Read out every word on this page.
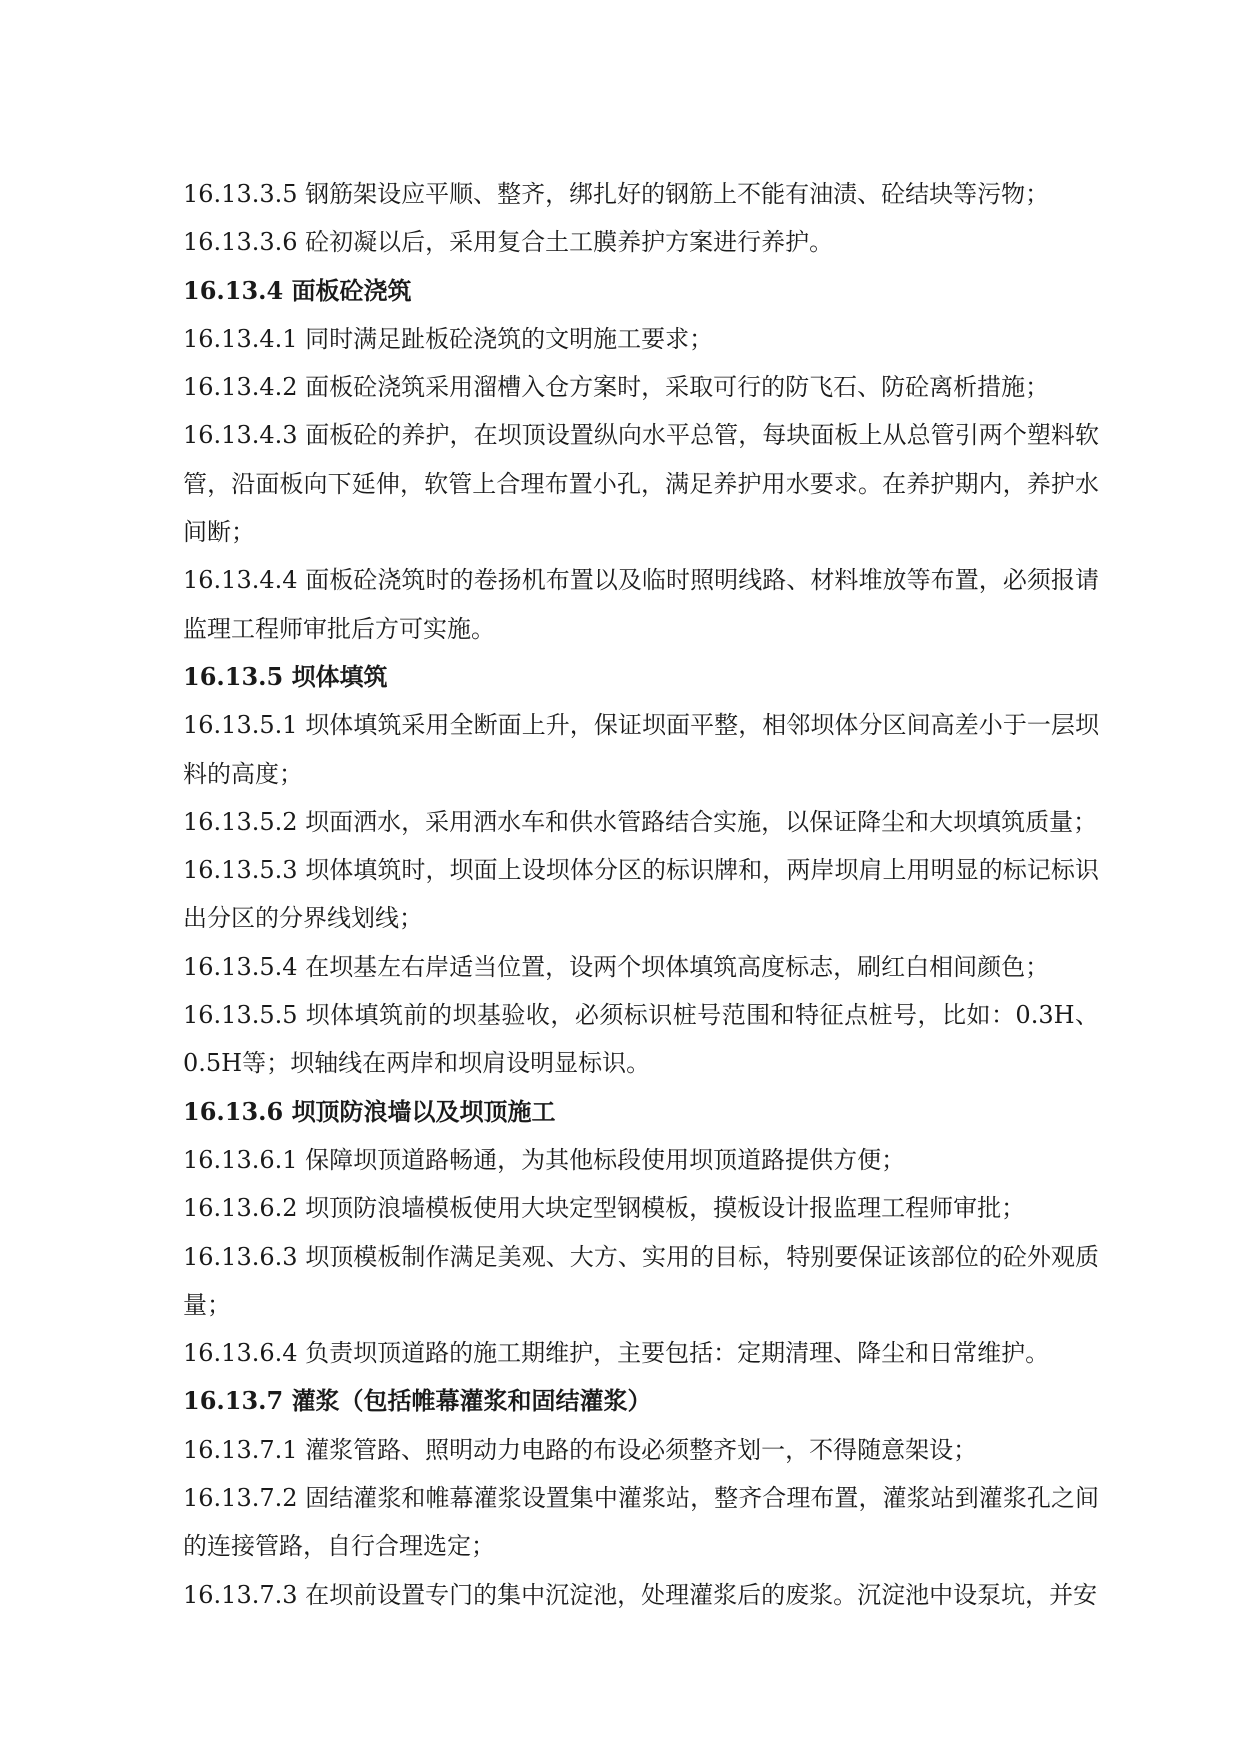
16.13.3.5 钢筋架设应平顺、整齐，绑扎好的钢筋上不能有油渍、砼结块等污物；

16.13.3.6 砼初凝以后，采用复合土工膜养护方案进行养护。

16.13.4 面板砼浇筑

16.13.4.1 同时满足趾板砼浇筑的文明施工要求；

16.13.4.2 面板砼浇筑采用溜槽入仓方案时，采取可行的防飞石、防砼离析措施；

16.13.4.3 面板砼的养护，在坝顶设置纵向水平总管，每块面板上从总管引两个塑料软管，沿面板向下延伸，软管上合理布置小孔，满足养护用水要求。在养护期内，养护水间断；

16.13.4.4 面板砼浇筑时的卷扬机布置以及临时照明线路、材料堆放等布置，必须报请监理工程师审批后方可实施。

16.13.5 坝体填筑

16.13.5.1 坝体填筑采用全断面上升，保证坝面平整，相邻坝体分区间高差小于一层坝料的高度；

16.13.5.2 坝面洒水，采用洒水车和供水管路结合实施，以保证降尘和大坝填筑质量；

16.13.5.3 坝体填筑时，坝面上设坝体分区的标识牌和，两岸坝肩上用明显的标记标识出分区的分界线划线；

16.13.5.4 在坝基左右岸适当位置，设两个坝体填筑高度标志，刷红白相间颜色；

16.13.5.5 坝体填筑前的坝基验收，必须标识桩号范围和特征点桩号，比如：0.3H、0.5H等；坝轴线在两岸和坝肩设明显标识。

16.13.6 坝顶防浪墙以及坝顶施工

16.13.6.1 保障坝顶道路畅通，为其他标段使用坝顶道路提供方便；

16.13.6.2 坝顶防浪墙模板使用大块定型钢模板，摸板设计报监理工程师审批；

16.13.6.3 坝顶模板制作满足美观、大方、实用的目标，特别要保证该部位的砼外观质量；

16.13.6.4 负责坝顶道路的施工期维护，主要包括：定期清理、降尘和日常维护。

16.13.7 灌浆（包括帷幕灌浆和固结灌浆）

16.13.7.1 灌浆管路、照明动力电路的布设必须整齐划一，不得随意架设；

16.13.7.2 固结灌浆和帷幕灌浆设置集中灌浆站，整齐合理布置，灌浆站到灌浆孔之间的连接管路，自行合理选定；

16.13.7.3 在坝前设置专门的集中沉淀池，处理灌浆后的废浆。沉淀池中设泵坑，并安
